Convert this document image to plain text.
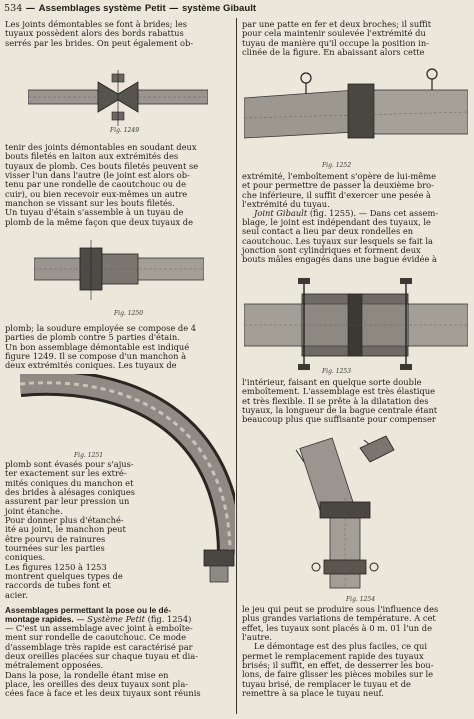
534 — Assemblages système Petit — système Gibault

Les joints démontables se font à brides; les

tuyaux possèdent alors des bords rabattus

serrés par les brides. On peut également ob-

Fig. 1249

tenir des joints démontables en soudant deux

bouts filetés en laiton aux extrémités des

tuyaux de plomb. Ces bouts filetés peuvent se

visser l'un dans l'autre (le joint est alors ob-

tenu par une rondelle de caoutchouc ou de

cuir), ou bien recevoir eux-mêmes un autre

manchon se vissant sur les bouts filetés.

Un tuyau d'étain s'assemble à un tuyau de

plomb de la même façon que deux tuyaux de

Fig. 1250

plomb; la soudure employée se compose de 4

parties de plomb contre 5 parties d'étain.

Un bon assemblage démontable est indiqué

figure 1249. Il se compose d'un manchon à

deux extrémités coniques. Les tuyaux de

Fig. 1251

plomb sont évasés pour s'ajus-

ter exactement sur les extré-

mités coniques du manchon et

des brides à alésages coniques

assurent par leur pression un

joint étanche.

Pour donner plus d'étanché-

ité au joint, le manchon peut

être pourvu de rainures

tournées sur les parties

coniques.

Les figures 1250 à 1253

montrent quelques types de

raccords de tubes font et

acier.

Assemblages permettant la pose ou le dé-
montage rapides. — Système Petit (fig. 1254)

— C'est un assemblage avec joint à emboîte-

ment sur rondelle de caoutchouc. Ce mode

d'assemblage très rapide est caractérisé par

deux oreilles placées sur chaque tuyau et dia-

métralement opposées.

Dans la pose, la rondelle étant mise en

place, les oreilles des deux tuyaux sont pla-

cées face à face et les deux tuyaux sont réunis

par une patte en fer et deux broches; il suffit

pour cela maintenir soulevée l'extrémité du

tuyau de manière qu'il occupe la position in-

clinée de la figure. En abaissant alors cette

Fig. 1252

extrémité, l'emboîtement s'opère de lui-même

et pour permettre de passer la deuxième bro-

che inférieure, il suffit d'exercer une pesée à

l'extrémité du tuyau.

Joint Gibault (fig. 1255). — Dans cet assem-

blage, le joint est indépendant des tuyaux, le

seul contact a lieu par deux rondelles en

caoutchouc. Les tuyaux sur lesquels se fait la

jonction sont cylindriques et forment deux

bouts mâles engagés dans une bague évidée à

Fig. 1253

l'intérieur, faisant en quelque sorte double

emboîtement. L'assemblage est très élastique

et très flexible. Il se prête à la dilatation des

tuyaux, la longueur de la bague centrale étant

beaucoup plus que suffisante pour compenser

Fig. 1254

le jeu qui peut se produire sous l'influence des

plus grandes variations de température. A cet

effet, les tuyaux sont placés à 0 m. 01 l'un de

l'autre.

Le démontage est des plus faciles, ce qui

permet le remplacement rapide des tuyaux

brisés; il suffit, en effet, de desserrer les bou-

lons, de faire glisser les pièces mobiles sur le

tuyau brisé, de remplacer le tuyau et de

remettre à sa place le tuyau neuf.
